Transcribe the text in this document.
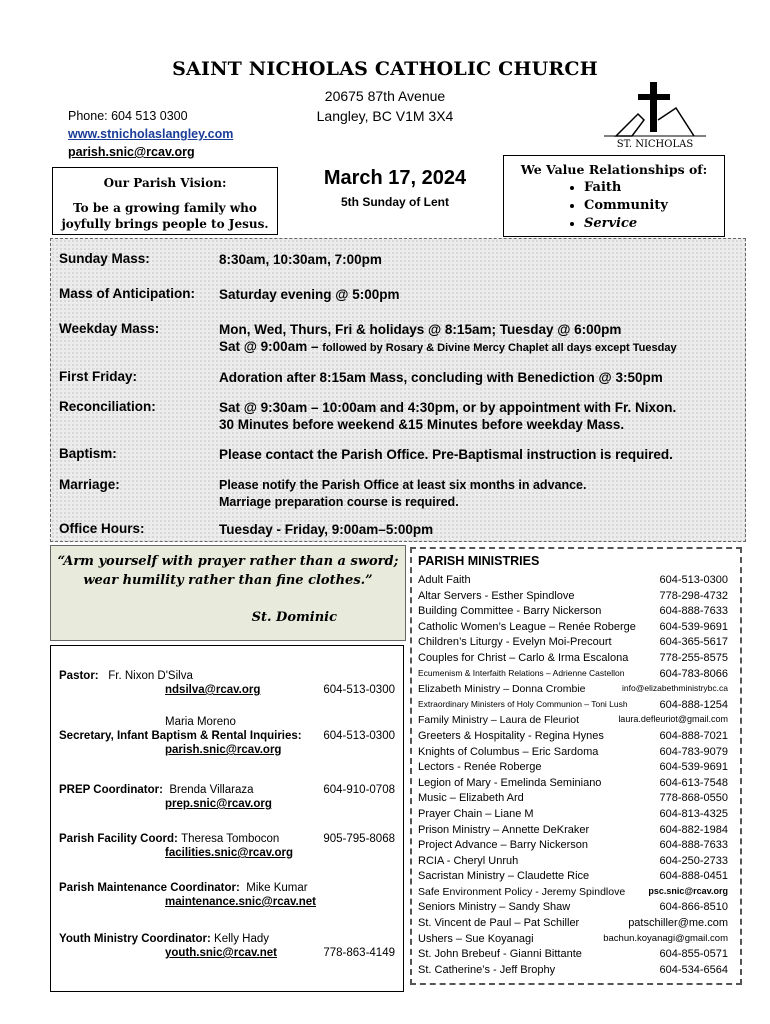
SAINT NICHOLAS CATHOLIC CHURCH
20675 87th Avenue
Langley, BC V1M 3X4
Phone: 604 513 0300
www.stnicholaslangley.com
parish.snic@rcav.org
ST. NICHOLAS
Our Parish Vision:
To be a growing family who joyfully brings people to Jesus.
March 17, 2024
5th Sunday of Lent
We Value Relationships of:
• Faith
• Community
• Service
Sunday Mass:	8:30am, 10:30am, 7:00pm
Mass of Anticipation: Saturday evening @ 5:00pm
Weekday Mass:	Mon, Wed, Thurs, Fri & holidays @ 8:15am; Tuesday @ 6:00pm
Sat @ 9:00am – followed by Rosary & Divine Mercy Chaplet all days except Tuesday
First Friday:	Adoration after 8:15am Mass, concluding with Benediction @ 3:50pm
Reconciliation:	Sat @ 9:30am – 10:00am and 4:30pm, or by appointment with Fr. Nixon.
30 Minutes before weekend &15 Minutes before weekday Mass.
Baptism:	Please contact the Parish Office. Pre-Baptismal instruction is required.
Marriage:	Please notify the Parish Office at least six months in advance.
Marriage preparation course is required.
Office Hours:	Tuesday - Friday, 9:00am–5:00pm
“Arm yourself with prayer rather than a sword;
wear humility rather than fine clothes.”
St. Dominic
Pastor: Fr. Nixon D'Silva
ndsilva@rcav.org	604-513-0300
Maria Moreno
Secretary, Infant Baptism & Rental Inquiries: 604-513-0300
parish.snic@rcav.org
PREP Coordinator: Brenda Villaraza	604-910-0708
prep.snic@rcav.org
Parish Facility Coord: Theresa Tombocon	905-795-8068
facilities.snic@rcav.org
Parish Maintenance Coordinator: Mike Kumar
maintenance.snic@rcav.net
Youth Ministry Coordinator: Kelly Hady
youth.snic@rcav.net	778-863-4149
PARISH MINISTRIES
Adult Faith	604-513-0300
Altar Servers - Esther Spindlove	778-298-4732
Building Committee - Barry Nickerson	604-888-7633
Catholic Women’s League – Renée Roberge 604-539-9691
Children’s Liturgy - Evelyn Moi-Precourt	604-365-5617
Couples for Christ – Carlo & Irma Escalona	778-255-8575
Ecumenism & Interfaith Relations – Adrienne Castellon	604-783-8066
Elizabeth Ministry – Donna Crombie	info@elizabethministrybc.ca
Extraordinary Ministers of Holy Communion – Toni Lush	604-888-1254
Family Ministry – Laura de Fleuriot	laura.defleuriot@gmail.com
Greeters & Hospitality - Regina Hynes	604-888-7021
Knights of Columbus – Eric Sardoma	604-783-9079
Lectors - Renée Roberge	604-539-9691
Legion of Mary - Emelinda Seminiano	604-613-7548
Music – Elizabeth Ard	778-868-0550
Prayer Chain – Liane M	604-813-4325
Prison Ministry – Annette DeKraker	604-882-1984
Project Advance – Barry Nickerson	604-888-7633
RCIA - Cheryl Unruh	604-250-2733
Sacristan Ministry – Claudette Rice	604-888-0451
Safe Environment Policy - Jeremy Spindlove	psc.snic@rcav.org
Seniors Ministry – Sandy Shaw	604-866-8510
St. Vincent de Paul – Pat Schiller	patschiller@me.com
Ushers – Sue Koyanagi	bachun.koyanagi@gmail.com
St. John Brebeuf - Gianni Bittante	604-855-0571
St. Catherine’s - Jeff Brophy	604-534-6564
